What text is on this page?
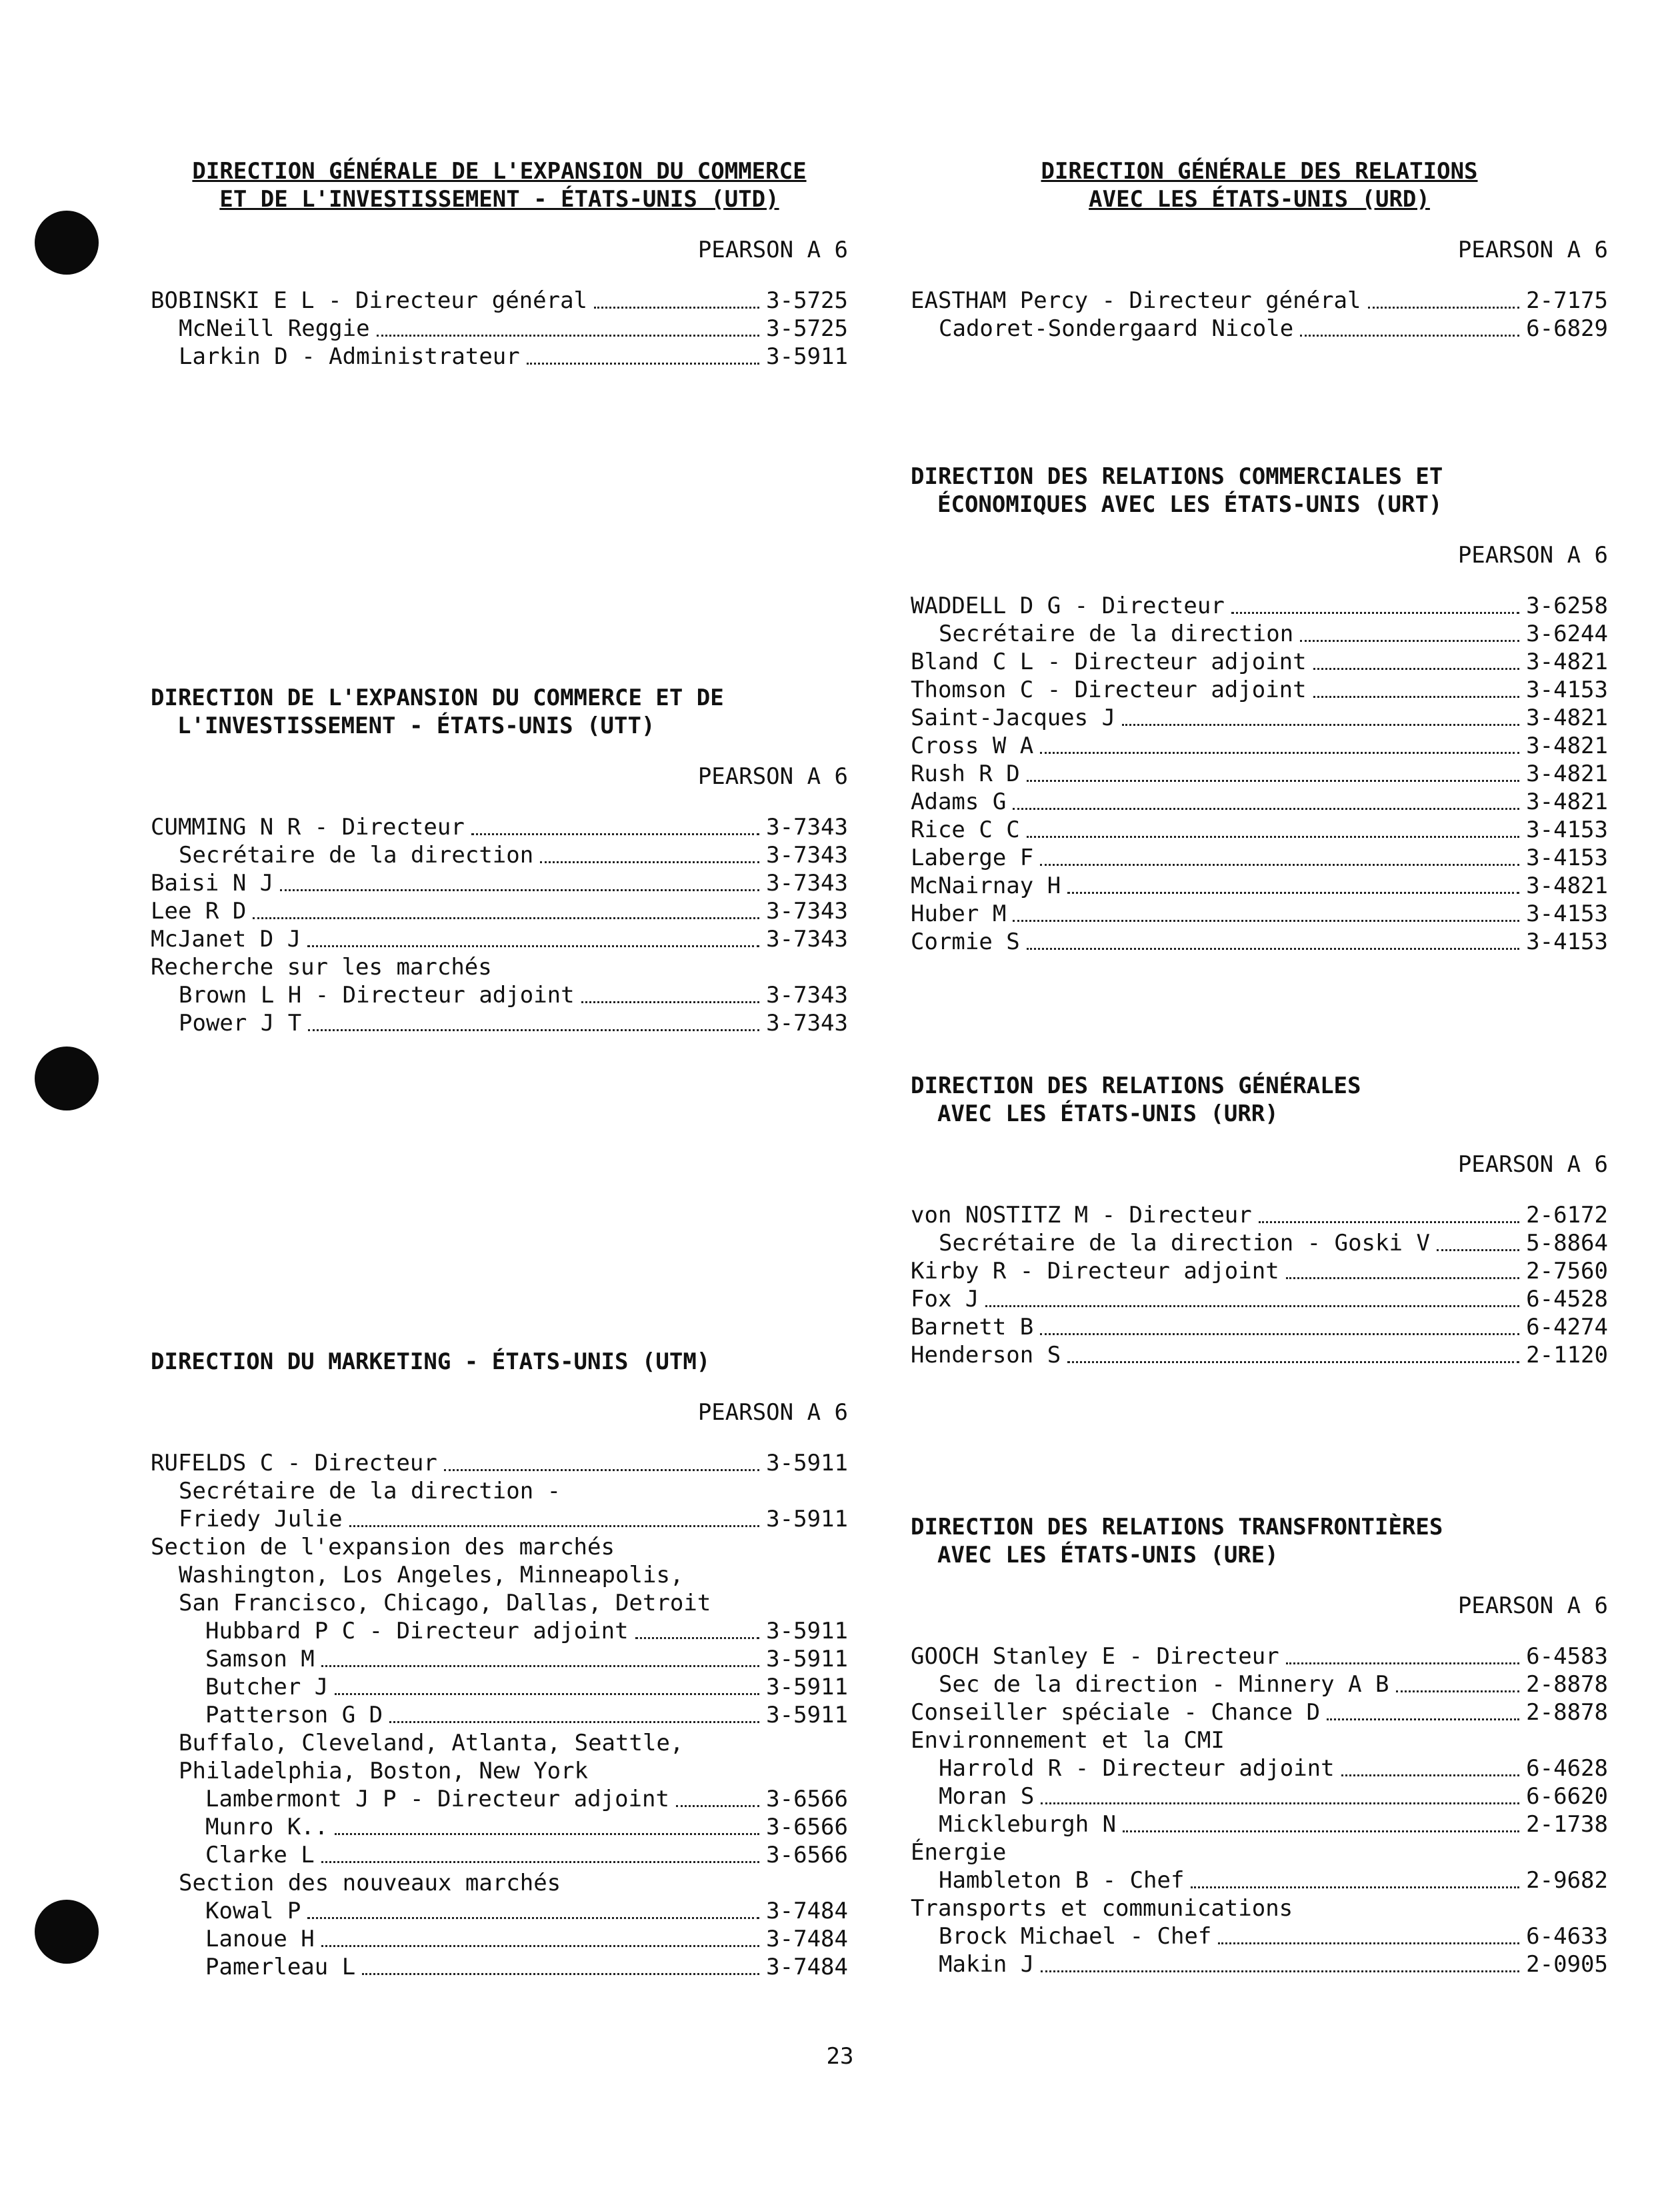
DIRECTION GÉNÉRALE DE L'EXPANSION DU COMMERCE
ET DE L'INVESTISSEMENT - ÉTATS-UNIS (UTD)
PEARSON A 6
BOBINSKI E L - Directeur général	3-5725
McNeill Reggie	3-5725
Larkin D - Administrateur	3-5911
DIRECTION DE L'EXPANSION DU COMMERCE ET DE
L'INVESTISSEMENT - ÉTATS-UNIS (UTT)
PEARSON A 6
CUMMING N R - Directeur	3-7343
Secrétaire de la direction	3-7343
Baisi N J	3-7343
Lee R D	3-7343
McJanet D J	3-7343
Recherche sur les marchés
Brown L H - Directeur adjoint	3-7343
Power J T	3-7343
DIRECTION DU MARKETING - ÉTATS-UNIS (UTM)
PEARSON A 6
RUFELDS C - Directeur	3-5911
Secrétaire de la direction -
Friedy Julie	3-5911
Section de l'expansion des marchés
Washington, Los Angeles, Minneapolis,
San Francisco, Chicago, Dallas, Detroit
Hubbard P C - Directeur adjoint	3-5911
Samson M	3-5911
Butcher J	3-5911
Patterson G D	3-5911
Buffalo, Cleveland, Atlanta, Seattle,
Philadelphia, Boston, New York
Lambermont J P - Directeur adjoint	3-6566
Munro K..	3-6566
Clarke L	3-6566
Section des nouveaux marchés
Kowal P	3-7484
Lanoue H	3-7484
Pamerleau L	3-7484
DIRECTION GÉNÉRALE DES RELATIONS
AVEC LES ÉTATS-UNIS (URD)
PEARSON A 6
EASTHAM Percy - Directeur général	2-7175
Cadoret-Sondergaard Nicole	6-6829
DIRECTION DES RELATIONS COMMERCIALES ET
ÉCONOMIQUES AVEC LES ÉTATS-UNIS (URT)
PEARSON A 6
WADDELL D G - Directeur	3-6258
Secrétaire de la direction	3-6244
Bland C L - Directeur adjoint	3-4821
Thomson C - Directeur adjoint	3-4153
Saint-Jacques J	3-4821
Cross W A	3-4821
Rush R D	3-4821
Adams G	3-4821
Rice C C	3-4153
Laberge F	3-4153
McNairnay H	3-4821
Huber M	3-4153
Cormie S	3-4153
DIRECTION DES RELATIONS GÉNÉRALES
AVEC LES ÉTATS-UNIS (URR)
PEARSON A 6
von NOSTITZ M - Directeur	2-6172
Secrétaire de la direction - Goski V	5-8864
Kirby R - Directeur adjoint	2-7560
Fox J	6-4528
Barnett B	6-4274
Henderson S	2-1120
DIRECTION DES RELATIONS TRANSFRONTIÈRES
AVEC LES ÉTATS-UNIS (URE)
PEARSON A 6
GOOCH Stanley E - Directeur	6-4583
Sec de la direction - Minnery A B	2-8878
Conseiller spéciale - Chance D	2-8878
Environnement et la CMI
Harrold R - Directeur adjoint	6-4628
Moran S	6-6620
Mickleburgh N	2-1738
Énergie
Hambleton B - Chef	2-9682
Transports et communications
Brock Michael - Chef	6-4633
Makin J	2-0905
23
